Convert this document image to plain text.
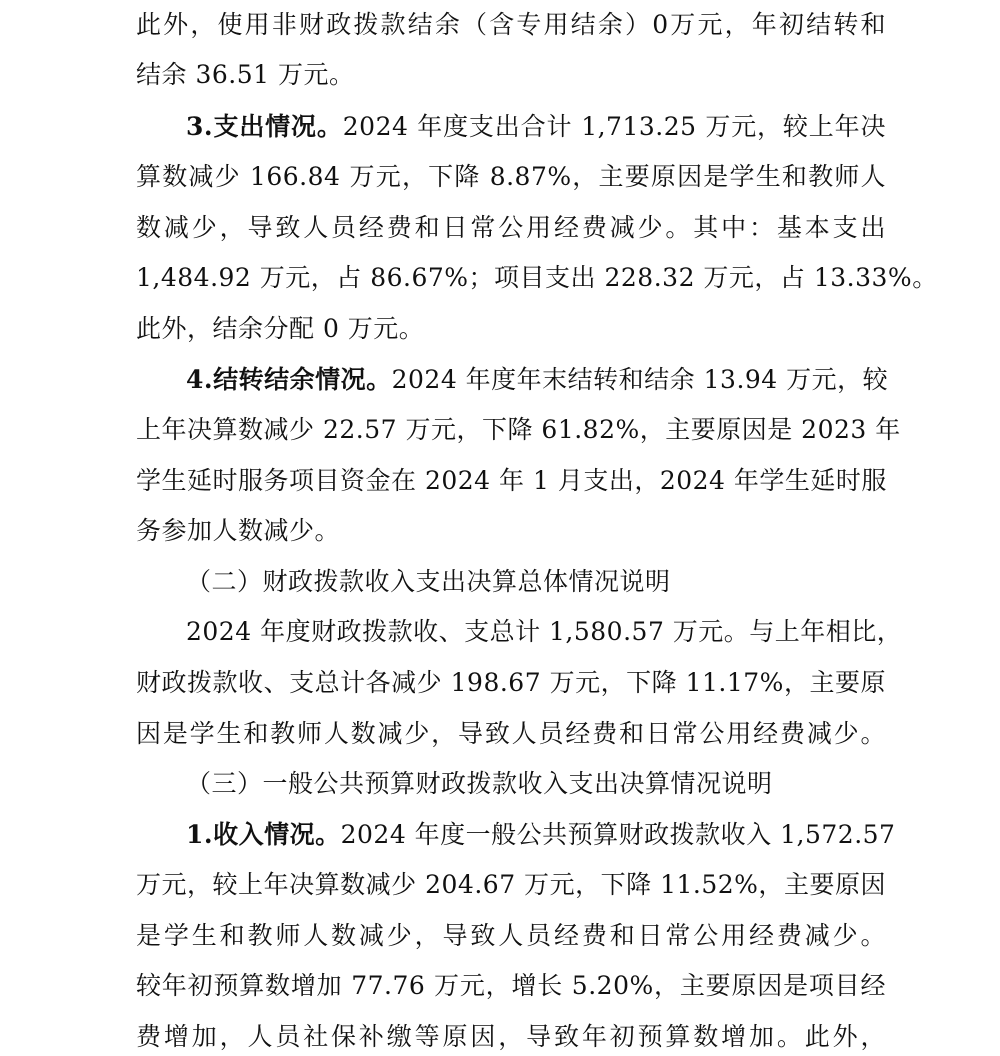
此外，使用非财政拨款结余（含专用结余）0万元，年初结转和
结余 36.51 万元。
3.支出情况。2024 年度支出合计 1,713.25 万元，较上年决
算数减少 166.84 万元，下降 8.87%，主要原因是学生和教师人
数减少，导致人员经费和日常公用经费减少。其中：基本支出
1,484.92 万元，占 86.67%；项目支出 228.32 万元，占 13.33%。
此外，结余分配 0 万元。
4.结转结余情况。2024 年度年末结转和结余 13.94 万元，较
上年决算数减少 22.57 万元，下降 61.82%，主要原因是 2023 年
学生延时服务项目资金在 2024 年 1 月支出，2024 年学生延时服
务参加人数减少。
（二）财政拨款收入支出决算总体情况说明
2024 年度财政拨款收、支总计 1,580.57 万元。与上年相比，
财政拨款收、支总计各减少 198.67 万元，下降 11.17%，主要原
因是学生和教师人数减少，导致人员经费和日常公用经费减少。
（三）一般公共预算财政拨款收入支出决算情况说明
1.收入情况。2024 年度一般公共预算财政拨款收入 1,572.57
万元，较上年决算数减少 204.67 万元，下降 11.52%，主要原因
是学生和教师人数减少，导致人员经费和日常公用经费减少。
较年初预算数增加 77.76 万元，增长 5.20%，主要原因是项目经
费增加，人员社保补缴等原因，导致年初预算数增加。此外，
